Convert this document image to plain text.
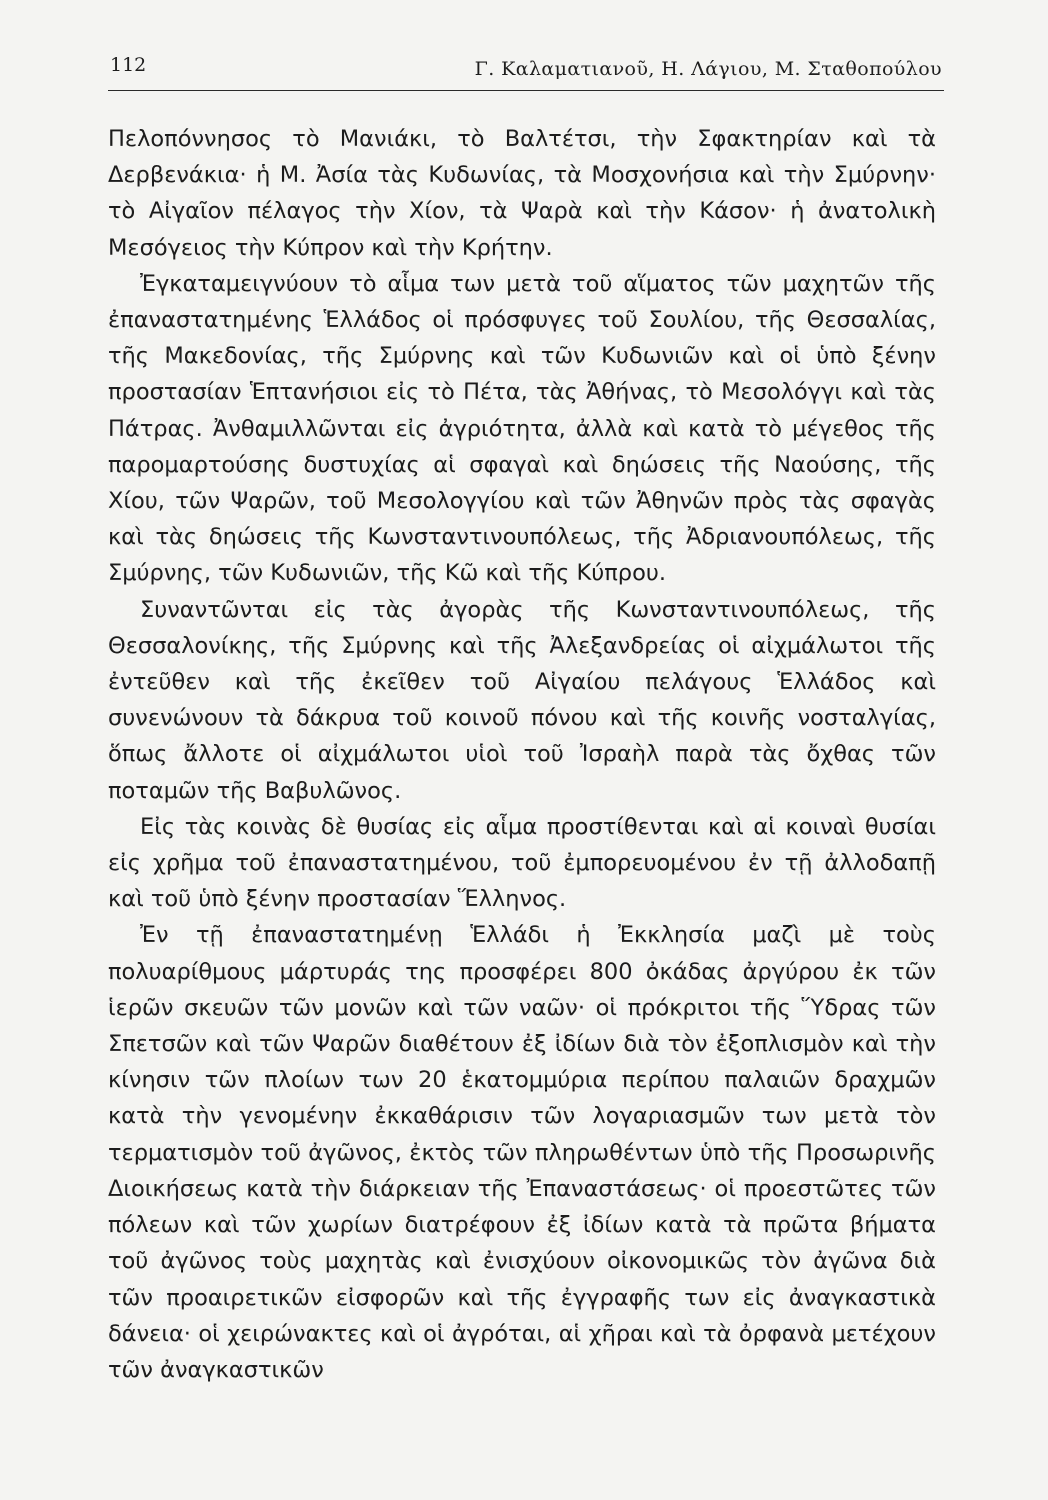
112	Γ. Καλαματιανοῦ, Η. Λάγιου, Μ. Σταθοπούλου

Πελοπόννησος τὸ Μανιάκι, τὸ Βαλτέτσι, τὴν Σφακτηρίαν καὶ τὰ Δερβενάκια· ἡ Μ. Ἀσία τὰς Κυδωνίας, τὰ Μοσχονήσια καὶ τὴν Σμύρνην· τὸ Αἰγαῖον πέλαγος τὴν Χίον, τὰ Ψαρὰ καὶ τὴν Κάσον· ἡ ἀνατολικὴ Μεσόγειος τὴν Κύπρον καὶ τὴν Κρήτην.

Ἐγκαταμειγνύουν τὸ αἷμα των μετὰ τοῦ αἵματος τῶν μαχητῶν τῆς ἐπαναστατημένης Ἑλλάδος οἱ πρόσφυγες τοῦ Σουλίου, τῆς Θεσσαλίας, τῆς Μακεδονίας, τῆς Σμύρνης καὶ τῶν Κυδωνιῶν καὶ οἱ ὑπὸ ξένην προστασίαν Ἑπτανήσιοι εἰς τὸ Πέτα, τὰς Ἀθήνας, τὸ Μεσολόγγι καὶ τὰς Πάτρας. Ἀνθαμιλλῶνται εἰς ἀγριότητα, ἀλλὰ καὶ κατὰ τὸ μέγεθος τῆς παρομαρτούσης δυστυχίας αἱ σφαγαὶ καὶ δηώσεις τῆς Ναούσης, τῆς Χίου, τῶν Ψαρῶν, τοῦ Μεσολογγίου καὶ τῶν Ἀθηνῶν πρὸς τὰς σφαγὰς καὶ τὰς δηώσεις τῆς Κωνσταντινουπόλεως, τῆς Ἀδριανουπόλεως, τῆς Σμύρνης, τῶν Κυδωνιῶν, τῆς Κῶ καὶ τῆς Κύπρου.

Συναντῶνται εἰς τὰς ἀγορὰς τῆς Κωνσταντινουπόλεως, τῆς Θεσσαλονίκης, τῆς Σμύρνης καὶ τῆς Ἀλεξανδρείας οἱ αἰχμάλωτοι τῆς ἐντεῦθεν καὶ τῆς ἐκεῖθεν τοῦ Αἰγαίου πελάγους Ἑλλάδος καὶ συνενώνουν τὰ δάκρυα τοῦ κοινοῦ πόνου καὶ τῆς κοινῆς νοσταλγίας, ὅπως ἄλλοτε οἱ αἰχμάλωτοι υἱοὶ τοῦ Ἰσραὴλ παρὰ τὰς ὄχθας τῶν ποταμῶν τῆς Βαβυλῶνος.

Εἰς τὰς κοινὰς δὲ θυσίας εἰς αἷμα προστίθενται καὶ αἱ κοιναὶ θυσίαι εἰς χρῆμα τοῦ ἐπαναστατημένου, τοῦ ἐμπορευομένου ἐν τῇ ἀλλοδαπῇ καὶ τοῦ ὑπὸ ξένην προστασίαν Ἕλληνος.

Ἐν τῇ ἐπαναστατημένῃ Ἑλλάδι ἡ Ἐκκλησία μαζὶ μὲ τοὺς πολυαρίθμους μάρτυράς της προσφέρει 800 ὀκάδας ἀργύρου ἐκ τῶν ἱερῶν σκευῶν τῶν μονῶν καὶ τῶν ναῶν· οἱ πρόκριτοι τῆς Ὕδρας τῶν Σπετσῶν καὶ τῶν Ψαρῶν διαθέτουν ἐξ ἰδίων διὰ τὸν ἐξοπλισμὸν καὶ τὴν κίνησιν τῶν πλοίων των 20 ἑκατομμύρια περίπου παλαιῶν δραχμῶν κατὰ τὴν γενομένην ἐκκαθάρισιν τῶν λογαριασμῶν των μετὰ τὸν τερματισμὸν τοῦ ἀγῶνος, ἐκτὸς τῶν πληρωθέντων ὑπὸ τῆς Προσωρινῆς Διοικήσεως κατὰ τὴν διάρκειαν τῆς Ἐπαναστάσεως· οἱ προεστῶτες τῶν πόλεων καὶ τῶν χωρίων διατρέφουν ἐξ ἰδίων κατὰ τὰ πρῶτα βήματα τοῦ ἀγῶνος τοὺς μαχητὰς καὶ ἐνισχύουν οἰκονομικῶς τὸν ἀγῶνα διὰ τῶν προαιρετικῶν εἰσφορῶν καὶ τῆς ἐγγραφῆς των εἰς ἀναγκαστικὰ δάνεια· οἱ χειρώνακτες καὶ οἱ ἀγρόται, αἱ χῆραι καὶ τὰ ὀρφανὰ μετέχουν τῶν ἀναγκαστικῶν
